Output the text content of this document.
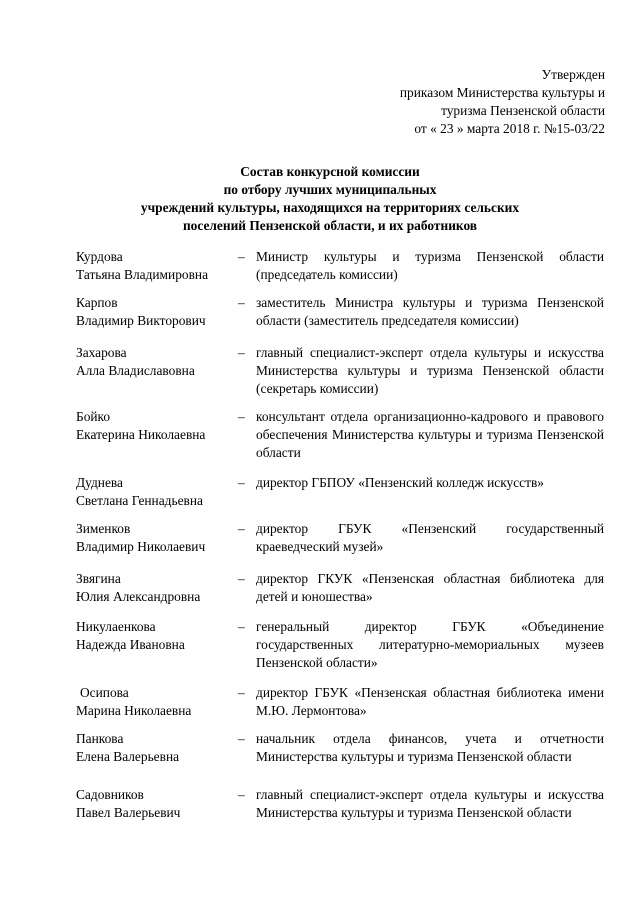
Утвержден
приказом Министерства культуры и
туризма Пензенской области
от « 23 » марта 2018 г. №15-03/22
Состав конкурсной комиссии
по отбору лучших муниципальных
учреждений культуры, находящихся на территориях сельских
поселений Пензенской области, и их работников
Курдова
Татьяна Владимировна
– Министр культуры и туризма Пензенской области (председатель комиссии)
Карпов
Владимир Викторович
– заместитель Министра культуры и туризма Пензенской области (заместитель председателя комиссии)
Захарова
Алла Владиславовна
– главный специалист-эксперт отдела культуры и искусства Министерства культуры и туризма Пензенской области (секретарь комиссии)
Бойко
Екатерина Николаевна
– консультант отдела организационно-кадрового и правового обеспечения Министерства культуры и туризма Пензенской области
Дуднева
Светлана Геннадьевна
– директор ГБПОУ «Пензенский колледж искусств»
Зименков
Владимир Николаевич
– директор ГБУК «Пензенский государственный краеведческий музей»
Звягина
Юлия Александровна
– директор ГКУК «Пензенская областная библиотека для детей и юношества»
Никулаенкова
Надежда Ивановна
– генеральный директор ГБУК «Объединение государственных литературно-мемориальных музеев Пензенской области»
Осипова
Марина Николаевна
– директор ГБУК «Пензенская областная библиотека имени М.Ю. Лермонтова»
Панкова
Елена Валерьевна
– начальник отдела финансов, учета и отчетности Министерства культуры и туризма Пензенской области
Садовников
Павел Валерьевич
– главный специалист-эксперт отдела культуры и искусства Министерства культуры и туризма Пензенской области
